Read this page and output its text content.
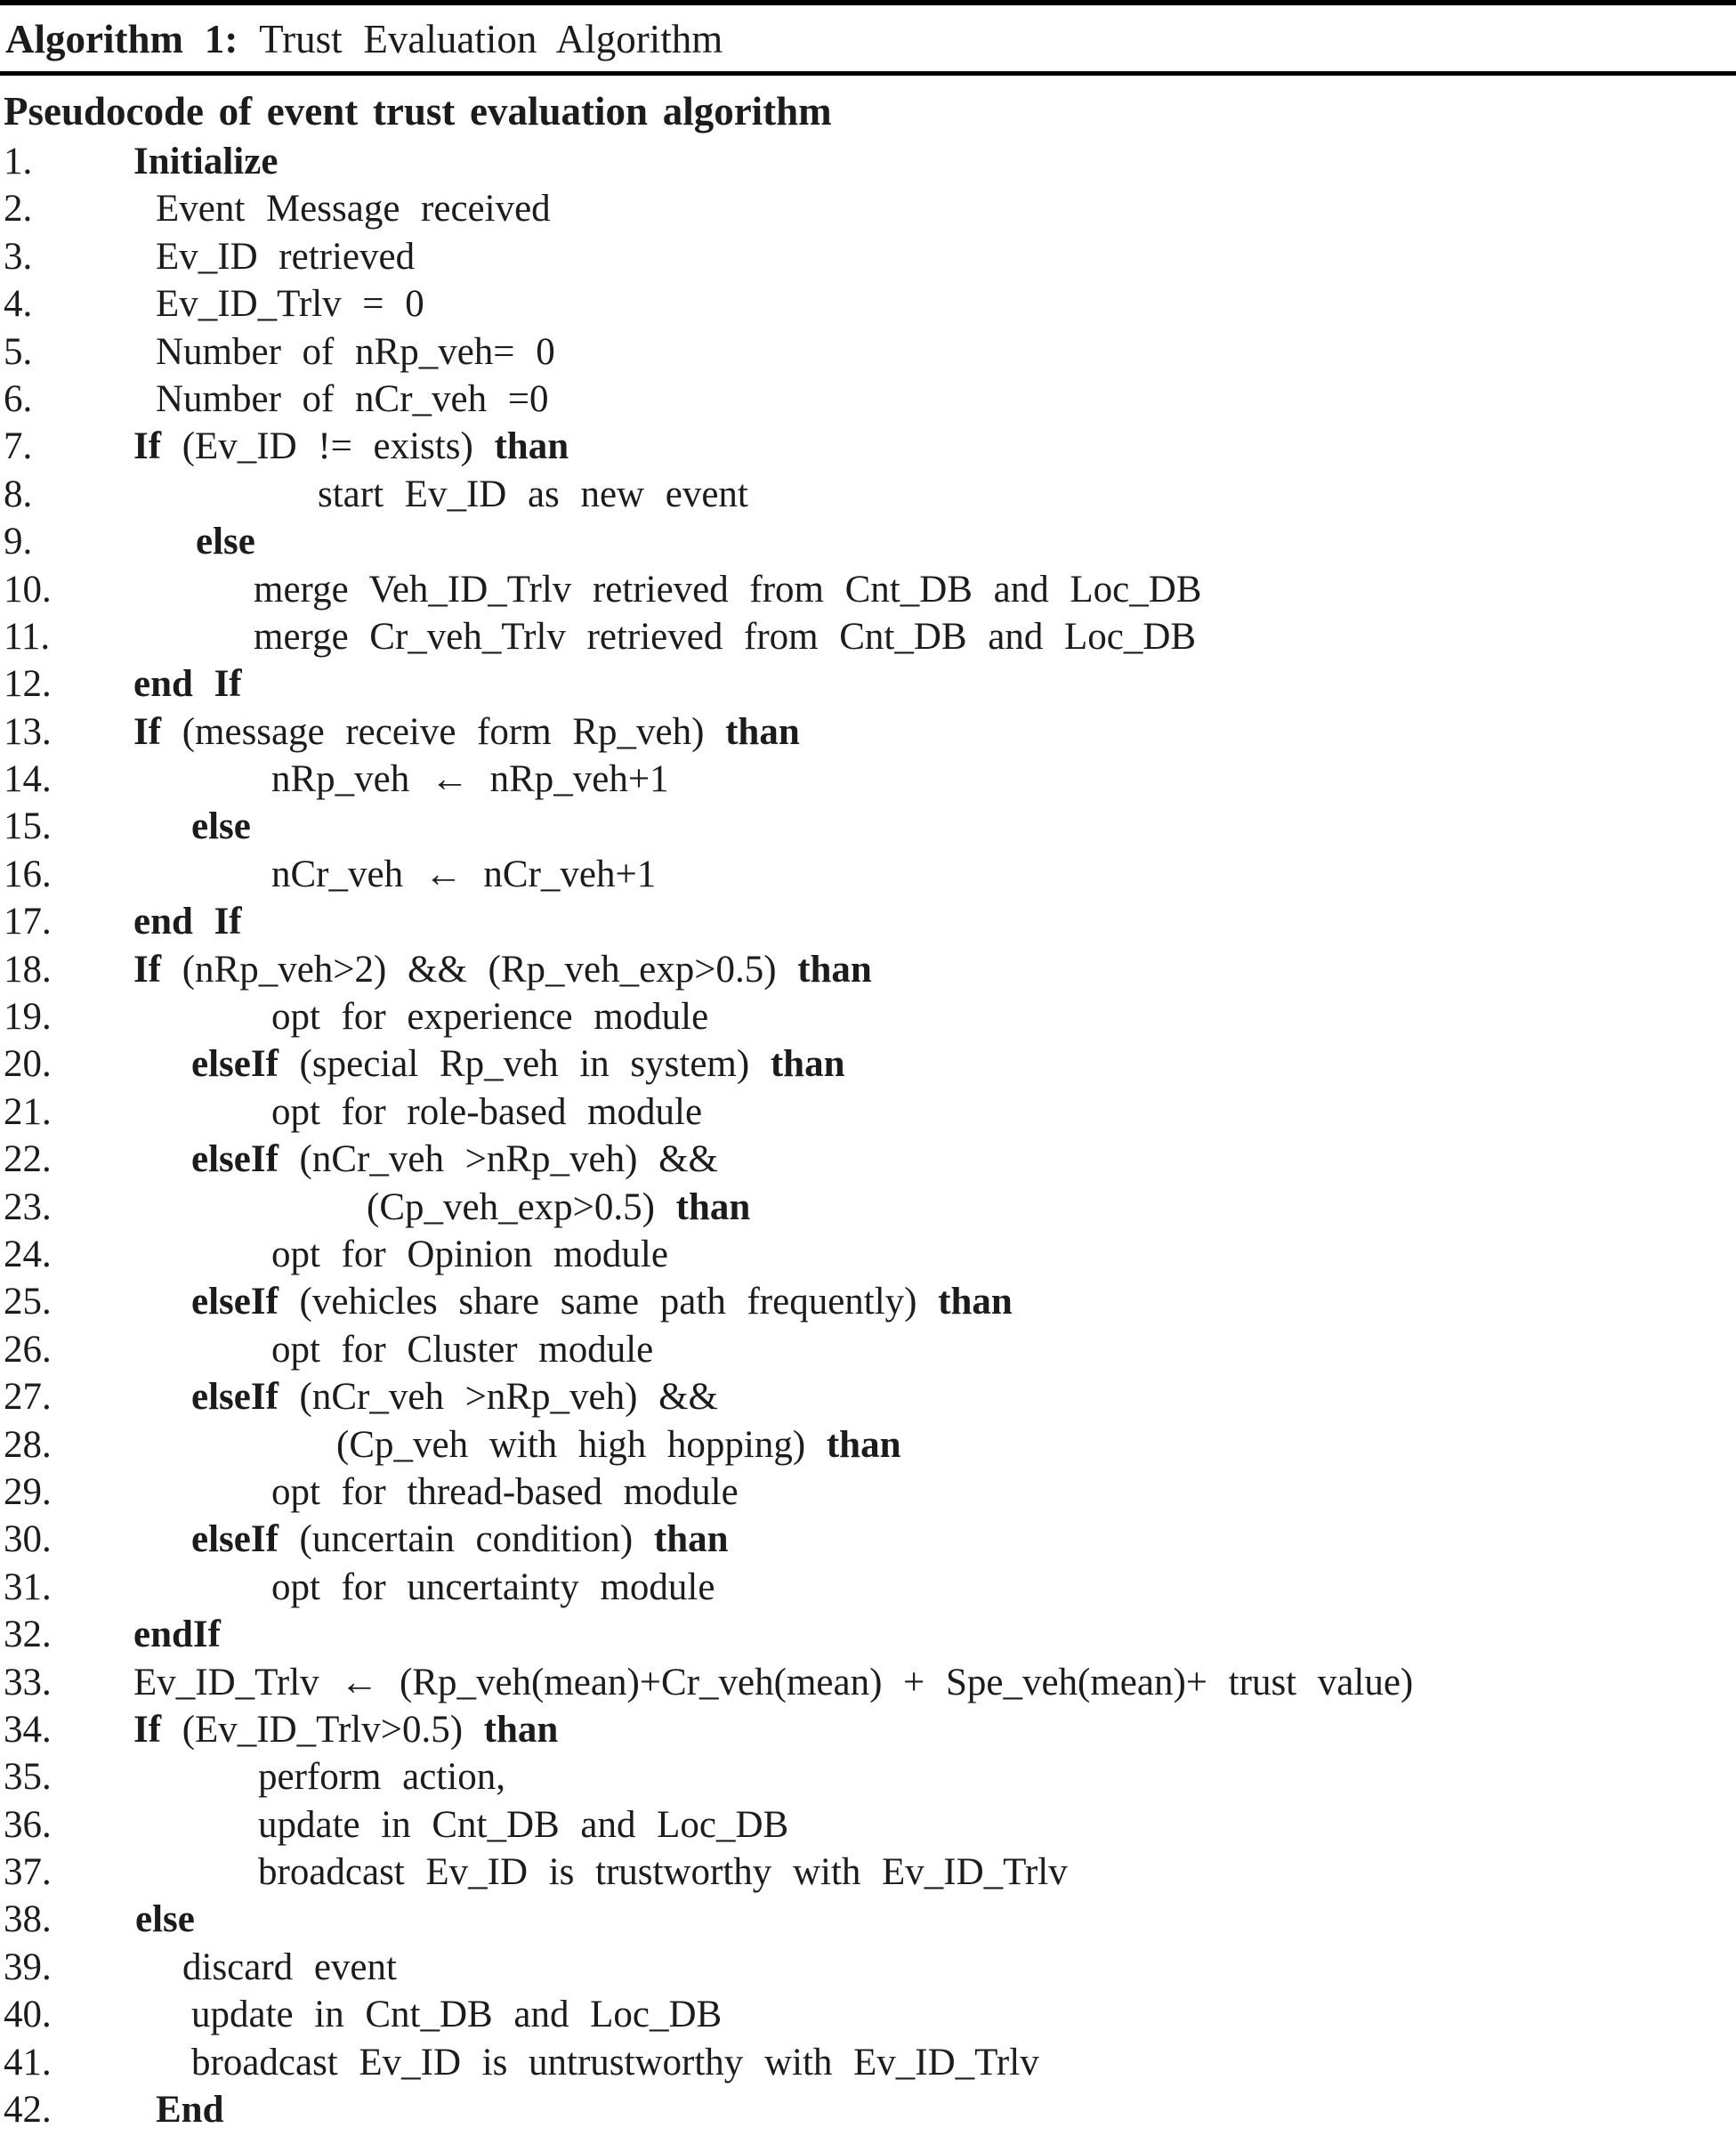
Algorithm 1: Trust Evaluation Algorithm
Pseudocode of event trust evaluation algorithm
1.	Initialize
2.	Event Message received
3.	Ev_ID retrieved
4.	Ev_ID_Trlv = 0
5.	Number of nRp_veh= 0
6.	Number of nCr_veh =0
7.	If (Ev_ID != exists) than
8.	start Ev_ID as new event
9.	else
10.	merge Veh_ID_Trlv retrieved from Cnt_DB and Loc_DB
11.	merge Cr_veh_Trlv retrieved from Cnt_DB and Loc_DB
12.	end If
13.	If (message receive form Rp_veh) than
14.	nRp_veh ← nRp_veh+1
15.	else
16.	nCr_veh ← nCr_veh+1
17.	end If
18.	If (nRp_veh>2) && (Rp_veh_exp>0.5) than
19.	opt for experience module
20.	elseIf (special Rp_veh in system) than
21.	opt for role-based module
22.	elseIf (nCr_veh >nRp_veh) &&
23.	(Cp_veh_exp>0.5) than
24.	opt for Opinion module
25.	elseIf (vehicles share same path frequently) than
26.	opt for Cluster module
27.	elseIf (nCr_veh >nRp_veh) &&
28.	(Cp_veh with high hopping) than
29.	opt for thread-based module
30.	elseIf (uncertain condition) than
31.	opt for uncertainty module
32.	endIf
33.	Ev_ID_Trlv ← (Rp_veh(mean)+Cr_veh(mean) + Spe_veh(mean)+ trust value)
34.	If (Ev_ID_Trlv>0.5) than
35.	perform action,
36.	update in Cnt_DB and Loc_DB
37.	broadcast Ev_ID is trustworthy with Ev_ID_Trlv
38.	else
39.	discard event
40.	update in Cnt_DB and Loc_DB
41.	broadcast Ev_ID is untrustworthy with Ev_ID_Trlv
42.	End
